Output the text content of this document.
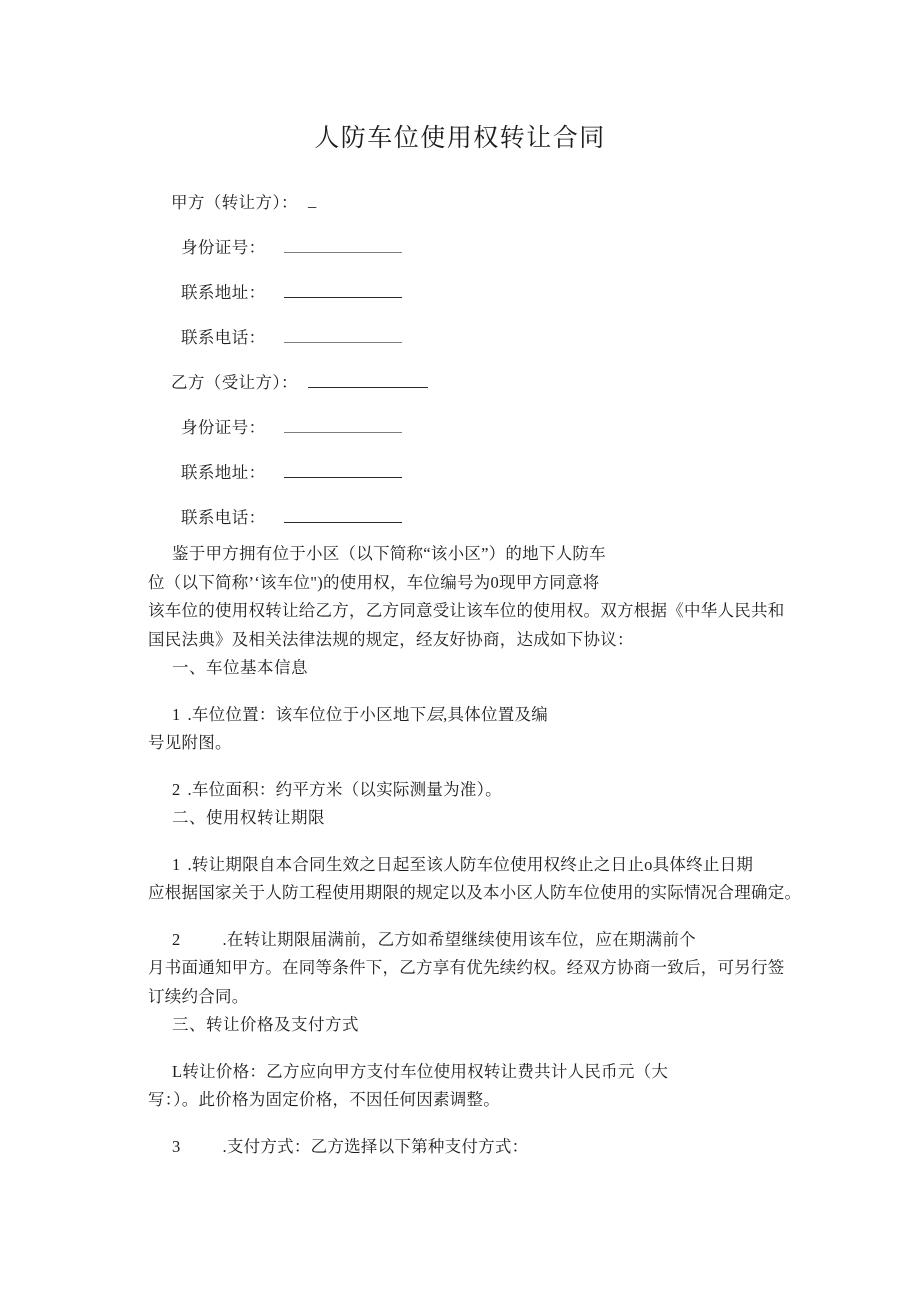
人防车位使用权转让合同
甲方（转让方）： _
身份证号：
联系地址：
联系电话：
乙方（受让方）：
身份证号：
联系地址：
联系电话：
鉴于甲方拥有位于小区（以下简称“该小区”）的地下人防车
位（以下简称’‘该车位")的使用权，车位编号为0现甲方同意将
该车位的使用权转让给乙方，乙方同意受让该车位的使用权。双方根据《中华人民共和
国民法典》及相关法律法规的规定，经友好协商，达成如下协议：
一、车位基本信息
1 .车位位置：该车位位于小区地下层,具体位置及编
号见附图。
2 .车位面积：约平方米（以实际测量为准）。
二、使用权转让期限
1 .转让期限自本合同生效之日起至该人防车位使用权终止之日止o具体终止日期
应根据国家关于人防工程使用期限的规定以及本小区人防车位使用的实际情况合理确定。
2	.在转让期限届满前，乙方如希望继续使用该车位，应在期满前个
月书面通知甲方。在同等条件下，乙方享有优先续约权。经双方协商一致后，可另行签
订续约合同。
三、转让价格及支付方式
L转让价格：乙方应向甲方支付车位使用权转让费共计人民币元（大
写：）。此价格为固定价格，不因任何因素调整。
3	.支付方式：乙方选择以下第种支付方式：
